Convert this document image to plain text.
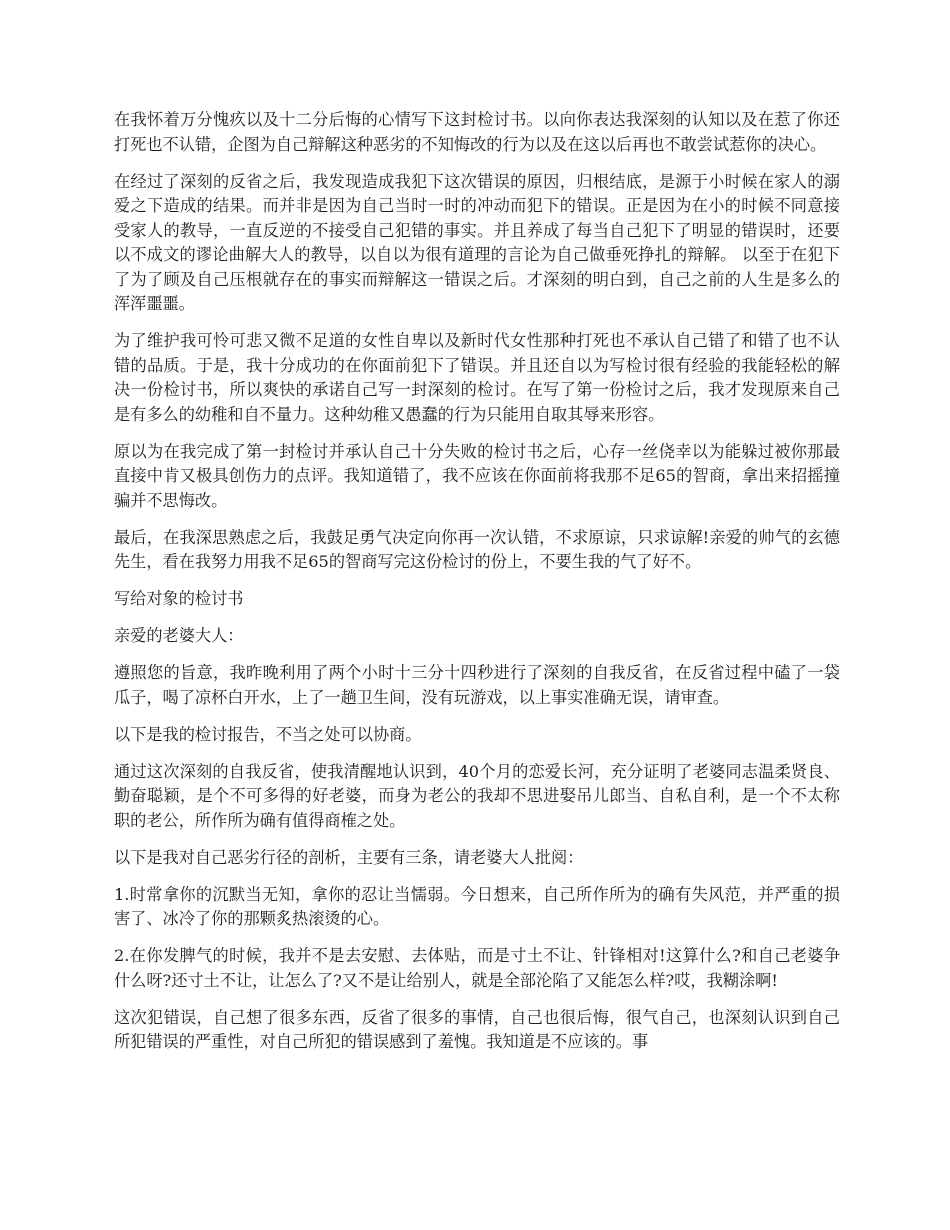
在我怀着万分愧疚以及十二分后悔的心情写下这封检讨书。以向你表达我深刻的认知以及在惹了你还打死也不认错，企图为自己辩解这种恶劣的不知悔改的行为以及在这以后再也不敢尝试惹你的决心。

在经过了深刻的反省之后，我发现造成我犯下这次错误的原因，归根结底，是源于小时候在家人的溺爱之下造成的结果。而并非是因为自己当时一时的冲动而犯下的错误。正是因为在小的时候不同意接受家人的教导，一直反逆的不接受自己犯错的事实。并且养成了每当自己犯下了明显的错误时，还要以不成文的谬论曲解大人的教导，以自以为很有道理的言论为自己做垂死挣扎的辩解。 以至于在犯下了为了顾及自己压根就存在的事实而辩解这一错误之后。才深刻的明白到，自己之前的人生是多么的浑浑噩噩。

为了维护我可怜可悲又微不足道的女性自卑以及新时代女性那种打死也不承认自己错了和错了也不认错的品质。于是，我十分成功的在你面前犯下了错误。并且还自以为写检讨很有经验的我能轻松的解决一份检讨书，所以爽快的承诺自己写一封深刻的检讨。在写了第一份检讨之后，我才发现原来自己是有多么的幼稚和自不量力。这种幼稚又愚蠢的行为只能用自取其辱来形容。

原以为在我完成了第一封检讨并承认自己十分失败的检讨书之后，心存一丝侥幸以为能躲过被你那最直接中肯又极具创伤力的点评。我知道错了，我不应该在你面前将我那不足65的智商，拿出来招摇撞骗并不思悔改。

最后，在我深思熟虑之后，我鼓足勇气决定向你再一次认错，不求原谅，只求谅解!亲爱的帅气的玄德先生，看在我努力用我不足65的智商写完这份检讨的份上，不要生我的气了好不。

写给对象的检讨书

亲爱的老婆大人：

遵照您的旨意，我昨晚利用了两个小时十三分十四秒进行了深刻的自我反省，在反省过程中磕了一袋瓜子，喝了凉杯白开水，上了一趟卫生间，没有玩游戏，以上事实准确无误，请审查。

以下是我的检讨报告，不当之处可以协商。

通过这次深刻的自我反省，使我清醒地认识到，40个月的恋爱长河，充分证明了老婆同志温柔贤良、勤奋聪颖，是个不可多得的好老婆，而身为老公的我却不思进娶吊儿郎当、自私自利，是一个不太称职的老公，所作所为确有值得商榷之处。

以下是我对自己恶劣行径的剖析，主要有三条，请老婆大人批阅：

1.时常拿你的沉默当无知，拿你的忍让当懦弱。今日想来，自己所作所为的确有失风范，并严重的损害了、冰冷了你的那颗炙热滚烫的心。

2.在你发脾气的时候，我并不是去安慰、去体贴，而是寸土不让、针锋相对!这算什么?和自己老婆争什么呀?还寸土不让，让怎么了?又不是让给别人，就是全部沦陷了又能怎么样?哎，我糊涂啊!

这次犯错误，自己想了很多东西，反省了很多的事情，自己也很后悔，很气自己，也深刻认识到自己所犯错误的严重性，对自己所犯的错误感到了羞愧。我知道是不应该的。事
